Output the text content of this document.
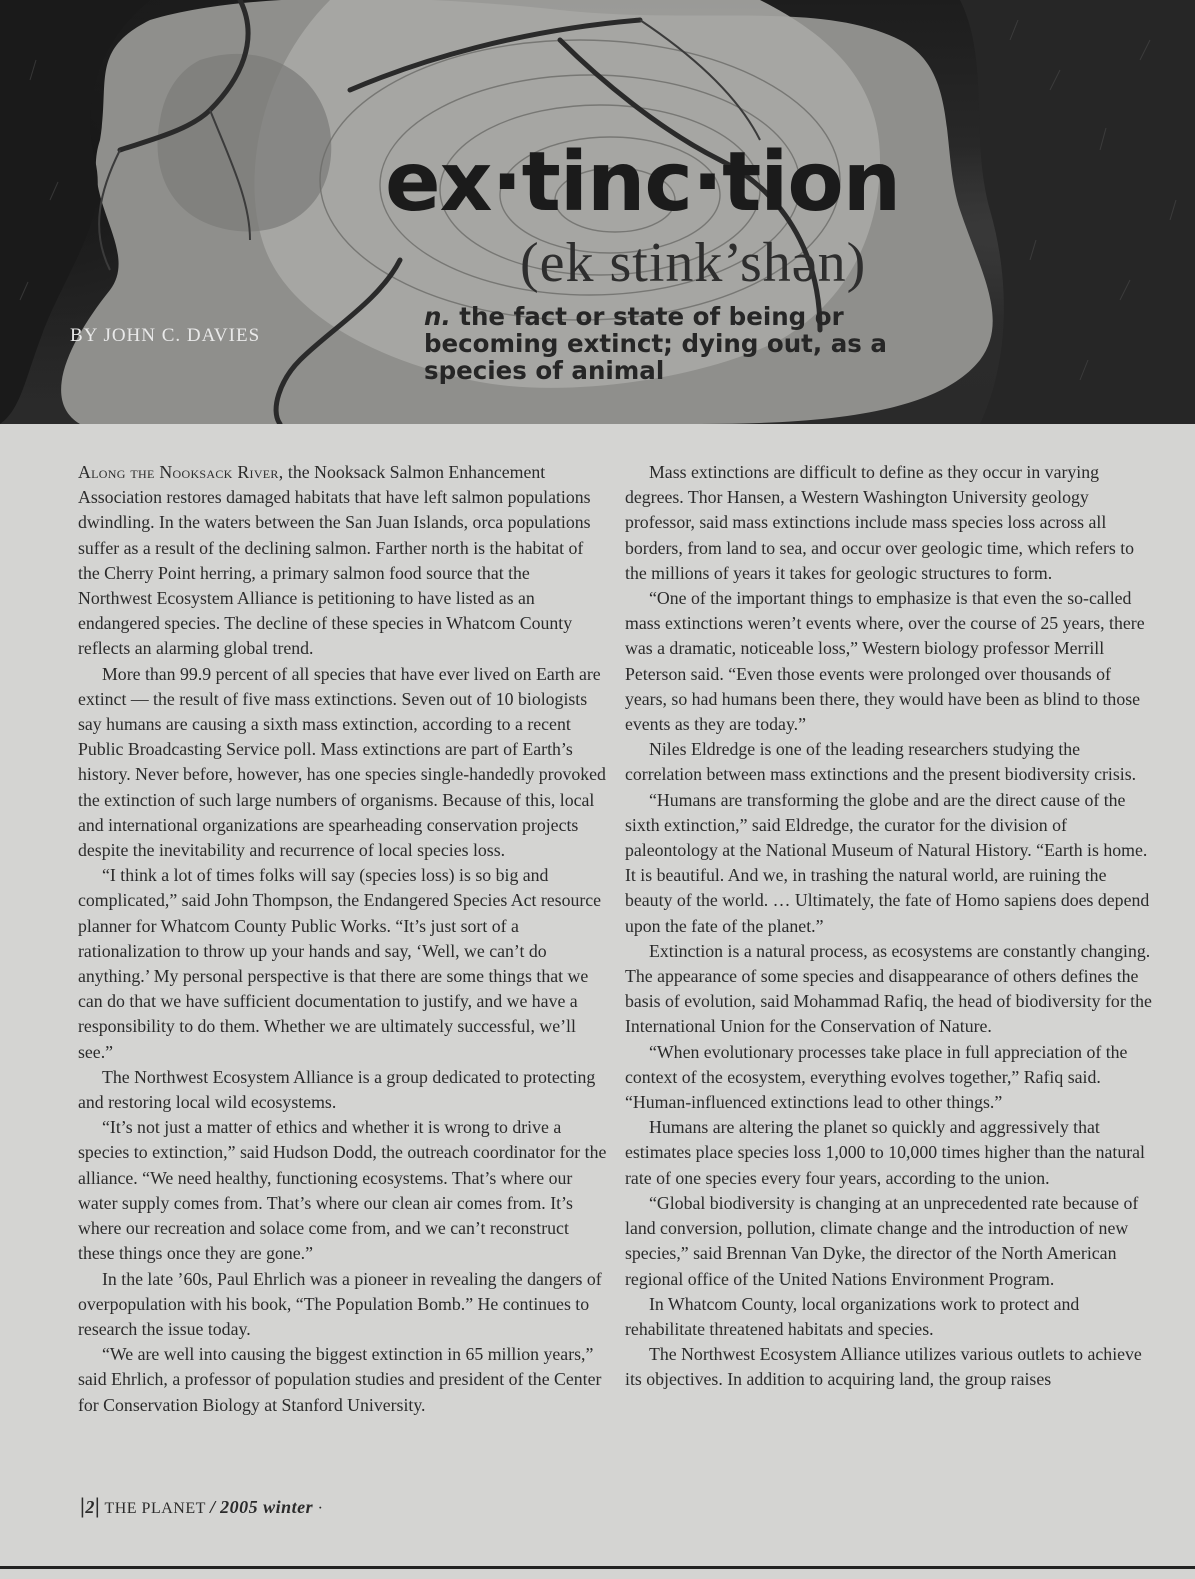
ex·tinc·tion
(ek stink’shən)
n. the fact or state of being or becoming extinct; dying out, as a species of animal
BY JOHN C. DAVIES

Along the Nooksack River, the Nooksack Salmon Enhancement Association restores damaged habitats that have left salmon populations dwindling. In the waters between the San Juan Islands, orca populations suffer as a result of the declining salmon. Farther north is the habitat of the Cherry Point herring, a primary salmon food source that the Northwest Ecosystem Alliance is petitioning to have listed as an endangered species. The decline of these species in Whatcom County reflects an alarming global trend.

More than 99.9 percent of all species that have ever lived on Earth are extinct — the result of five mass extinctions. Seven out of 10 biologists say humans are causing a sixth mass extinction, according to a recent Public Broadcasting Service poll. Mass extinctions are part of Earth’s history. Never before, however, has one species single-handedly provoked the extinction of such large numbers of organisms. Because of this, local and international organizations are spearheading conservation projects despite the inevitability and recurrence of local species loss.

“I think a lot of times folks will say (species loss) is so big and complicated,” said John Thompson, the Endangered Species Act resource planner for Whatcom County Public Works. “It’s just sort of a rationalization to throw up your hands and say, ‘Well, we can’t do anything.’ My personal perspective is that there are some things that we can do that we have sufficient documentation to justify, and we have a responsibility to do them. Whether we are ultimately successful, we’ll see.”

The Northwest Ecosystem Alliance is a group dedicated to protecting and restoring local wild ecosystems.

“It’s not just a matter of ethics and whether it is wrong to drive a species to extinction,” said Hudson Dodd, the outreach coordinator for the alliance. “We need healthy, functioning ecosystems. That’s where our water supply comes from. That’s where our clean air comes from. It’s where our recreation and solace come from, and we can’t reconstruct these things once they are gone.”

In the late ’60s, Paul Ehrlich was a pioneer in revealing the dangers of overpopulation with his book, “The Population Bomb.” He continues to research the issue today.

“We are well into causing the biggest extinction in 65 million years,” said Ehrlich, a professor of population studies and president of the Center for Conservation Biology at Stanford University.

Mass extinctions are difficult to define as they occur in varying degrees. Thor Hansen, a Western Washington University geology professor, said mass extinctions include mass species loss across all borders, from land to sea, and occur over geologic time, which refers to the millions of years it takes for geologic structures to form.

“One of the important things to emphasize is that even the so-called mass extinctions weren’t events where, over the course of 25 years, there was a dramatic, noticeable loss,” Western biology professor Merrill Peterson said. “Even those events were prolonged over thousands of years, so had humans been there, they would have been as blind to those events as they are today.”

Niles Eldredge is one of the leading researchers studying the correlation between mass extinctions and the present biodiversity crisis.

“Humans are transforming the globe and are the direct cause of the sixth extinction,” said Eldredge, the curator for the division of paleontology at the National Museum of Natural History. “Earth is home. It is beautiful. And we, in trashing the natural world, are ruining the beauty of the world. … Ultimately, the fate of Homo sapiens does depend upon the fate of the planet.”

Extinction is a natural process, as ecosystems are constantly changing. The appearance of some species and disappearance of others defines the basis of evolution, said Mohammad Rafiq, the head of biodiversity for the International Union for the Conservation of Nature.

“When evolutionary processes take place in full appreciation of the context of the ecosystem, everything evolves together,” Rafiq said. “Human-influenced extinctions lead to other things.”

Humans are altering the planet so quickly and aggressively that estimates place species loss 1,000 to 10,000 times higher than the natural rate of one species every four years, according to the union.

“Global biodiversity is changing at an unprecedented rate because of land conversion, pollution, climate change and the introduction of new species,” said Brennan Van Dyke, the director of the North American regional office of the United Nations Environment Program.

In Whatcom County, local organizations work to protect and rehabilitate threatened habitats and species.

The Northwest Ecosystem Alliance utilizes various outlets to achieve its objectives. In addition to acquiring land, the group raises

|2| THE PLANET / 2005 winter ·
